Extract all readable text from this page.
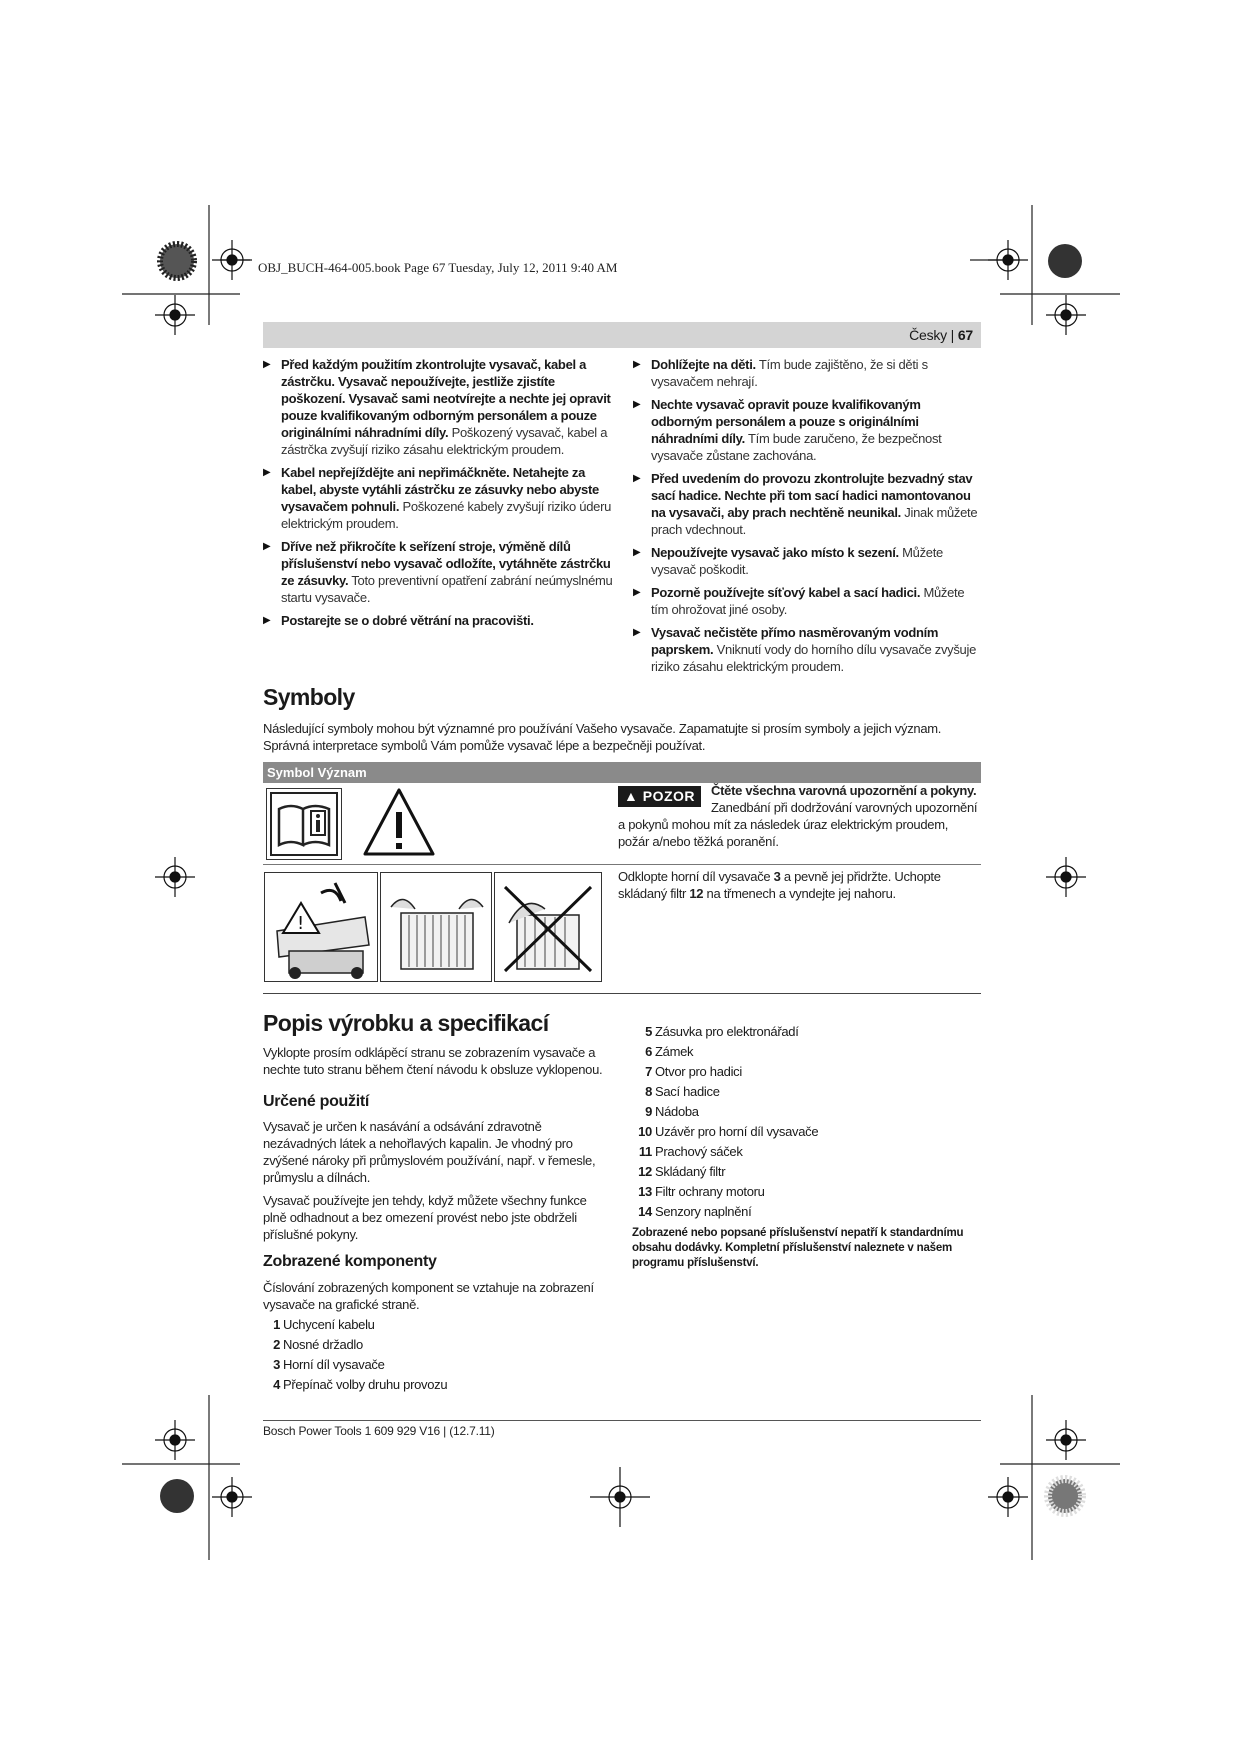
OBJ_BUCH-464-005.book Page 67 Tuesday, July 12, 2011 9:40 AM
Česky | 67
▶ Před každým použitím zkontrolujte vysavač, kabel a zástrčku. Vysavač nepoužívejte, jestliže zjistíte poškození. Vysavač sami neotvírejte a nechte jej opravit pouze kvalifikovaným odborným personálem a pouze originálními náhradními díly. Poškozený vysavač, kabel a zástrčka zvyšují riziko zásahu elektrickým proudem.
▶ Kabel nepřejíždějte ani nepřimáčkněte. Netahejte za kabel, abyste vytáhli zástrčku ze zásuvky nebo abyste vysavačem pohnuli. Poškozené kabely zvyšují riziko úderu elektrickým proudem.
▶ Dříve než přikročíte k seřízení stroje, výměně dílů příslušenství nebo vysavač odložíte, vytáhněte zástrčku ze zásuvky. Toto preventivní opatření zabrání neúmyslnému startu vysavače.
▶ Postarejte se o dobré větrání na pracovišti.
▶ Dohlížejte na děti. Tím bude zajištěno, že si děti s vysavačem nehrají.
▶ Nechte vysavač opravit pouze kvalifikovaným odborným personálem a pouze s originálními náhradními díly. Tím bude zaručeno, že bezpečnost vysavače zůstane zachována.
▶ Před uvedením do provozu zkontrolujte bezvadný stav sací hadice. Nechte při tom sací hadici namontovanou na vysavači, aby prach nechtěně neunikal. Jinak můžete prach vdechnout.
▶ Nepoužívejte vysavač jako místo k sezení. Můžete vysavač poškodit.
▶ Pozorně používejte síťový kabel a sací hadici. Můžete tím ohrožovat jiné osoby.
▶ Vysavač nečistěte přímo nasměrovaným vodním paprskem. Vniknutí vody do horního dílu vysavače zvyšuje riziko zásahu elektrickým proudem.
Symboly
Následující symboly mohou být významné pro používání Vašeho vysavače. Zapamatujte si prosím symboly a jejich význam. Správná interpretace symbolů Vám pomůže vysavač lépe a bezpečněji používat.
Symbol Význam
▲ POZOR	Čtěte všechna varovná upozornění a pokyny. Zanedbání při dodržování varovných upozornění a pokynů mohou mít za následek úraz elektrickým proudem, požár a/nebo těžká poranění.
!
Odklopte horní díl vysavače 3 a pevně jej přidržte. Uchopte skládaný filtr 12 na třmenech a vyndejte jej nahoru.
Popis výrobku a specifikací
Vyklopte prosím odklápěcí stranu se zobrazením vysavače a nechte tuto stranu během čtení návodu k obsluze vyklopenou.
Určené použití
Vysavač je určen k nasávání a odsávání zdravotně nezávadných látek a nehořlavých kapalin. Je vhodný pro zvýšené nároky při průmyslovém používání, např. v řemesle, průmyslu a dílnách.
Vysavač používejte jen tehdy, když můžete všechny funkce plně odhadnout a bez omezení provést nebo jste obdrželi příslušné pokyny.
Zobrazené komponenty
Číslování zobrazených komponent se vztahuje na zobrazení vysavače na grafické straně.
1 Uchycení kabelu
2 Nosné držadlo
3 Horní díl vysavače
4 Přepínač volby druhu provozu
5 Zásuvka pro elektronářadí
6 Zámek
7 Otvor pro hadici
8 Sací hadice
9 Nádoba
10 Uzávěr pro horní díl vysavače
11 Prachový sáček
12 Skládaný filtr
13 Filtr ochrany motoru
14 Senzory naplnění
Zobrazené nebo popsané příslušenství nepatří k standardnímu obsahu dodávky. Kompletní příslušenství naleznete v našem programu příslušenství.
Bosch Power Tools 1 609 929 V16 | (12.7.11)
